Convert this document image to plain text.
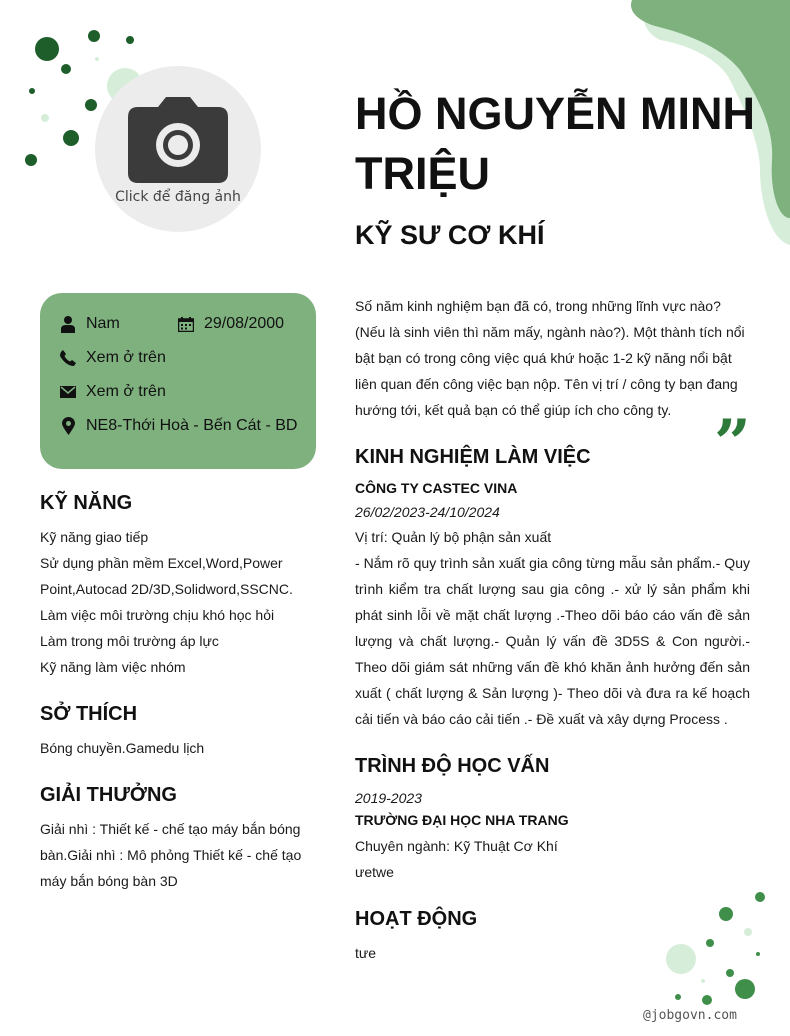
Click để đăng ảnh
HỒ NGUYỄN MINH TRIỆU
KỸ SƯ CƠ KHÍ
Nam	29/08/2000
Xem ở trên
Xem ở trên
NE8-Thới Hoà - Bến Cát - BD
KỸ NĂNG
Kỹ năng giao tiếp
Sử dụng phần mềm Excel,Word,Power Point,Autocad 2D/3D,Solidword,SSCNC.
Làm việc môi trường chịu khó học hỏi
Làm trong môi trường áp lực
Kỹ năng làm việc nhóm
SỞ THÍCH
Bóng chuyền.Gamedu lịch
GIẢI THƯỞNG
Giải nhì : Thiết kế - chế tạo máy bắn bóng bàn.Giải nhì : Mô phỏng Thiết kế - chế tạo máy bắn bóng bàn 3D
Số năm kinh nghiệm bạn đã có, trong những lĩnh vực nào? (Nếu là sinh viên thì năm mấy, ngành nào?). Một thành tích nổi bật bạn có trong công việc quá khứ hoặc 1-2 kỹ năng nổi bật liên quan đến công việc bạn nộp. Tên vị trí / công ty bạn đang hướng tới, kết quả bạn có thể giúp ích cho công ty. ”
KINH NGHIỆM LÀM VIỆC
CÔNG TY CASTEC VINA
26/02/2023-24/10/2024
Vị trí: Quản lý bộ phận sản xuất
- Nắm rõ quy trình sản xuất gia công từng mẫu sản phẩm.- Quy trình kiểm tra chất lượng sau gia công .- xử lý sản phẩm khi phát sinh lỗi về mặt chất lượng .-Theo dõi báo cáo vấn đề sản lượng và chất lượng.- Quản lý vấn đề 3D5S & Con người.-Theo dõi giám sát những vấn đề khó khăn ảnh hưởng đến sản xuất ( chất lượng & Sản lượng )- Theo dõi và đưa ra kế hoạch cải tiến và báo cáo cải tiến .- Đề xuất và xây dựng Process .
TRÌNH ĐỘ HỌC VẤN
2019-2023
TRƯỜNG ĐẠI HỌC NHA TRANG
Chuyên ngành: Kỹ Thuật Cơ Khí
ưetwe
HOẠT ĐỘNG
tưe
@jobgovn.com
